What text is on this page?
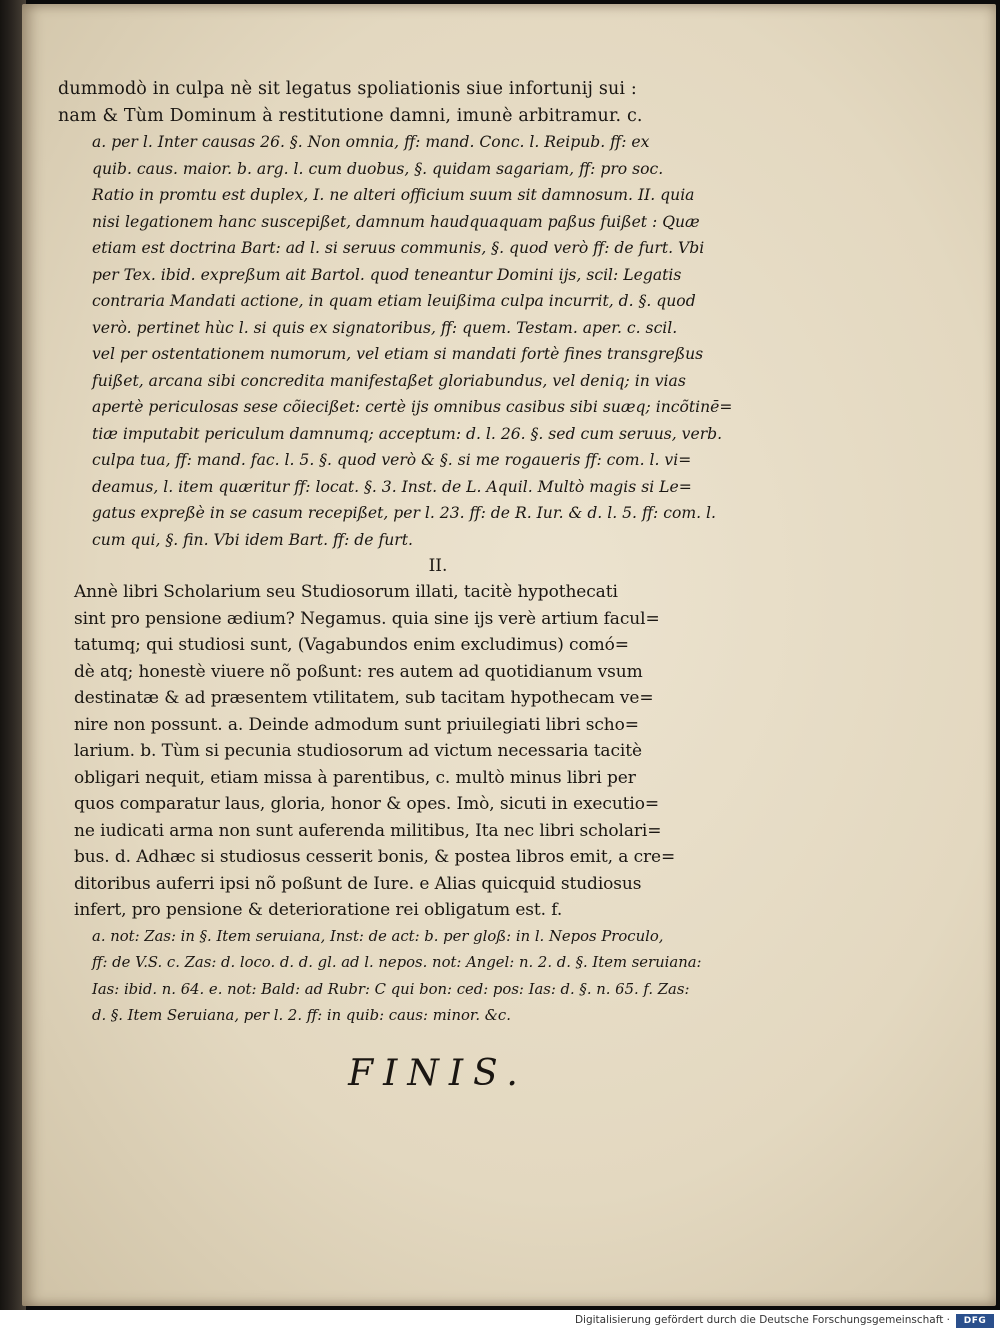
dummodò in culpa nè sit legatus spoliationis siue infortunij sui :
nam & Tùm Dominum à restitutione damni, imunè arbitramur. c.
a. per l. Inter causas 26. §. Non omnia, ff: mand. Conc. l. Reipub. ff: ex
quib. caus. maior. b. arg. l. cum duobus, §. quidam sagariam, ff: pro soc.
Ratio in promtu est duplex, I. ne alteri officium suum sit damnosum. II. quia
nisi legationem hanc suscepißet, damnum haudquaquam paßus fuißet : Quæ
etiam est doctrina Bart: ad l. si seruus communis, §. quod verò ff: de furt. Vbi
per Tex. ibid. expreßum ait Bartol. quod teneantur Domini ijs, scil: Legatis
contraria Mandati actione, in quam etiam leuißima culpa incurrit, d. §. quod
verò. pertinet hùc l. si quis ex signatoribus, ff: quem. Testam. aper. c. scil.
vel per ostentationem numorum, vel etiam si mandati fortè fines transgreßus
fuißet, arcana sibi concredita manifestaßet gloriabundus, vel deniq; in vias
apertè periculosas sese cõiecißet: certè ijs omnibus casibus sibi suæq; incõtinē=
tiæ imputabit periculum damnumq; acceptum: d. l. 26. §. sed cum seruus, verb.
culpa tua, ff: mand. fac. l. 5. §. quod verò & §. si me rogaueris ff: com. l. vi=
deamus, l. item quæritur ff: locat. §. 3. Inst. de L. Aquil. Multò magis si Le=
gatus expreßè in se casum recepißet, per l. 23. ff: de R. Iur. & d. l. 5. ff: com. l.
cum qui, §. fin. Vbi idem Bart. ff: de furt.
II.
Annè libri Scholarium seu Studiosorum illati, tacitè hypothecati
sint pro pensione ædium? Negamus. quia sine ijs verè artium facul=
tatumq; qui studiosi sunt, (Vagabundos enim excludimus) comó=
dè atq; honestè viuere nõ poßunt: res autem ad quotidianum vsum
destinatæ & ad præsentem vtilitatem, sub tacitam hypothecam ve=
nire non possunt. a. Deinde admodum sunt priuilegiati libri scho=
larium. b. Tùm si pecunia studiosorum ad victum necessaria tacitè
obligari nequit, etiam missa à parentibus, c. multò minus libri per
quos comparatur laus, gloria, honor & opes. Imò, sicuti in executio=
ne iudicati arma non sunt auferenda militibus, Ita nec libri scholari=
bus. d. Adhæc si studiosus cesserit bonis, & postea libros emit, a cre=
ditoribus auferri ipsi nõ poßunt de Iure. e Alias quicquid studiosus
infert, pro pensione & deterioratione rei obligatum est. f.
a. not: Zas: in §. Item seruiana, Inst: de act: b. per gloß: in l. Nepos Proculo,
ff: de V.S. c. Zas: d. loco. d. d. gl. ad l. nepos. not: Angel: n. 2. d. §. Item seruiana:
Ias: ibid. n. 64. e. not: Bald: ad Rubr: C qui bon: ced: pos: Ias: d. §. n. 65. f. Zas:
d. §. Item Seruiana, per l. 2. ff: in quib: caus: minor. &c.
FINIS.
Digitalisierung gefördert durch die Deutsche Forschungsgemeinschaft ·	DFG
